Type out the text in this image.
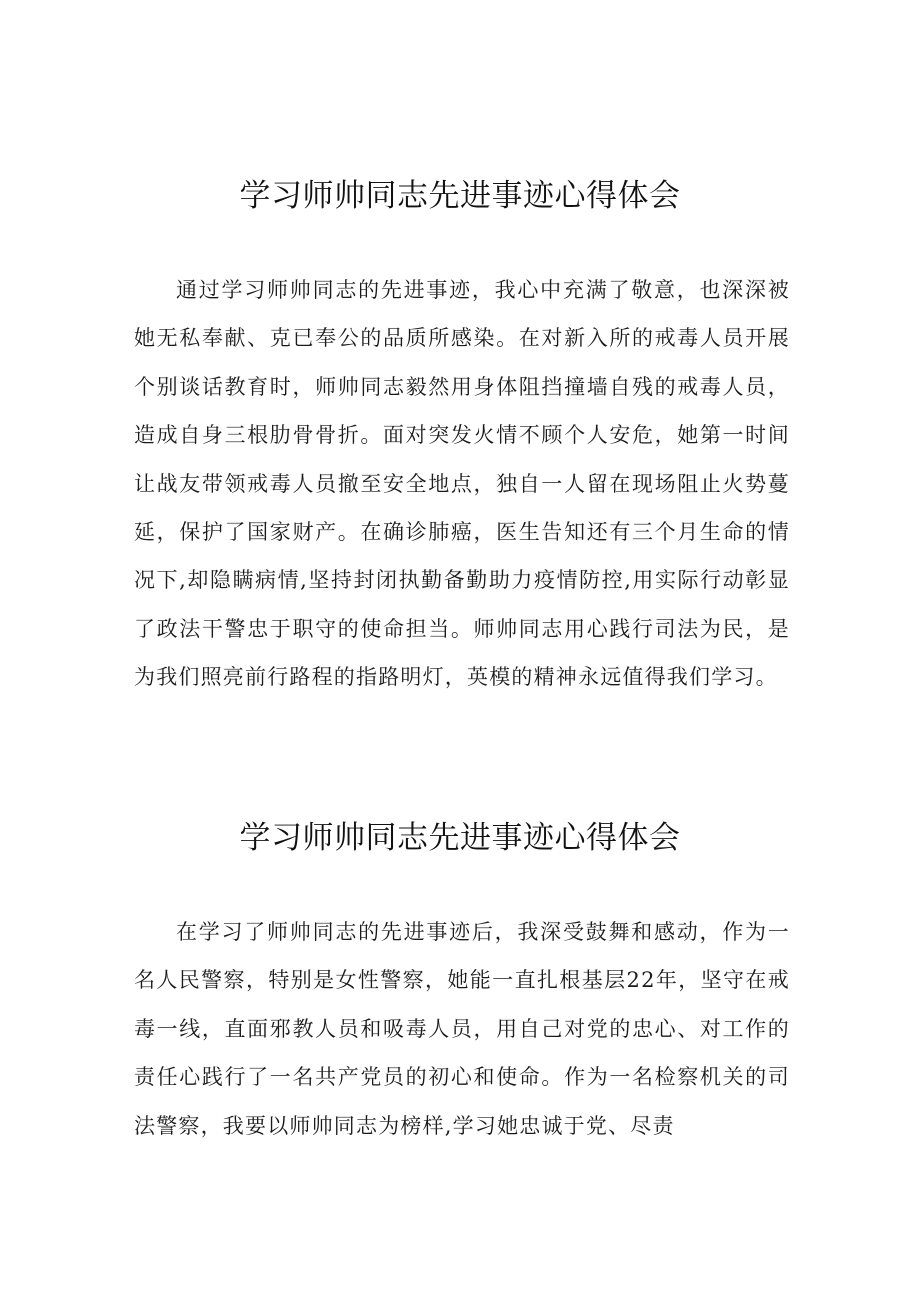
学习师帅同志先进事迹心得体会

通过学习师帅同志的先进事迹，我心中充满了敬意，也深深被她无私奉献、克已奉公的品质所感染。在对新入所的戒毒人员开展个别谈话教育时，师帅同志毅然用身体阻挡撞墙自残的戒毒人员，造成自身三根肋骨骨折。面对突发火情不顾个人安危，她第一时间让战友带领戒毒人员撤至安全地点，独自一人留在现场阻止火势蔓延，保护了国家财产。在确诊肺癌，医生告知还有三个月生命的情况下,却隐瞒病情,坚持封闭执勤备勤助力疫情防控,用实际行动彰显了政法干警忠于职守的使命担当。师帅同志用心践行司法为民，是为我们照亮前行路程的指路明灯，英模的精神永远值得我们学习。

学习师帅同志先进事迹心得体会

在学习了师帅同志的先进事迹后，我深受鼓舞和感动，作为一名人民警察，特别是女性警察，她能一直扎根基层22年，坚守在戒毒一线，直面邪教人员和吸毒人员，用自己对党的忠心、对工作的责任心践行了一名共产党员的初心和使命。作为一名检察机关的司法警察，我要以师帅同志为榜样,学习她忠诚于党、尽责
